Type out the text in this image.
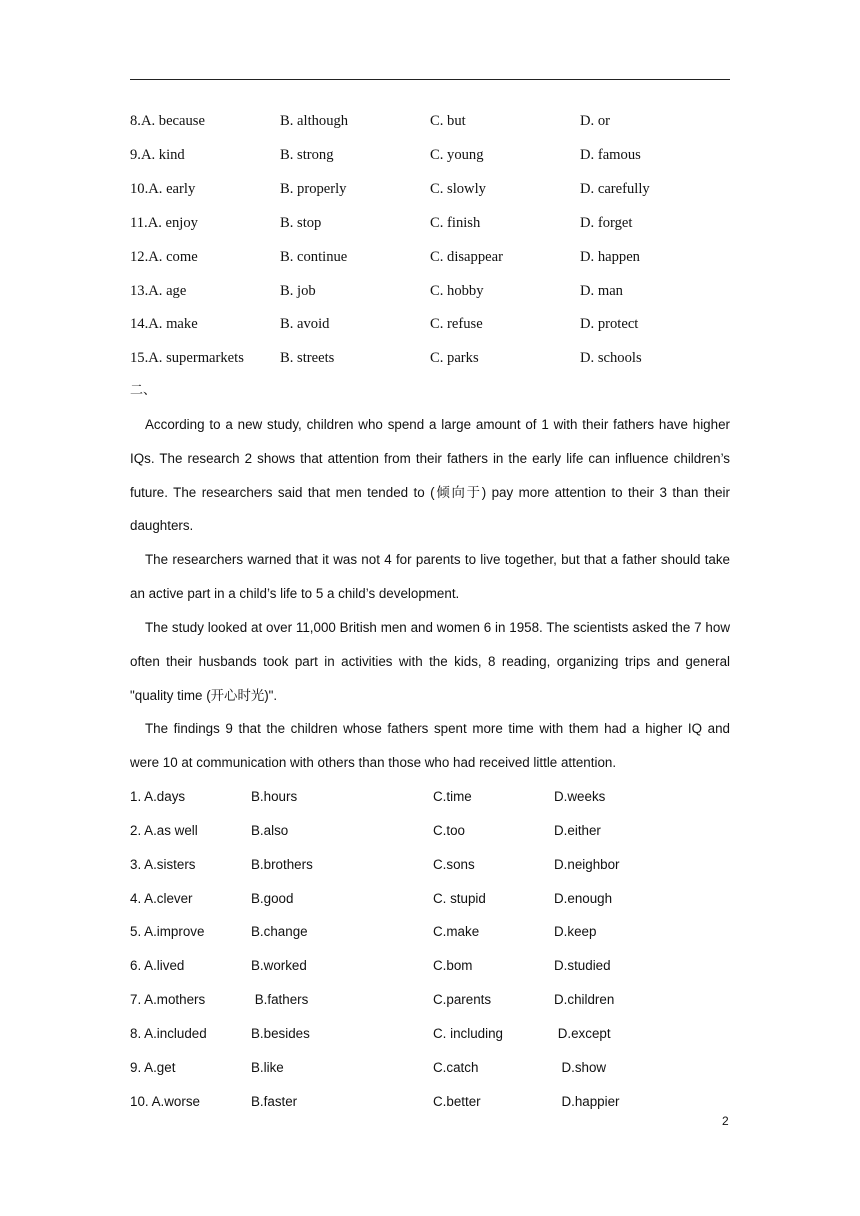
8.A. because	B. although	C. but	D. or
9.A. kind	B. strong	C. young	D. famous
10.A. early	B. properly	C. slowly	D. carefully
11.A. enjoy	B. stop	C. finish	D. forget
12.A. come	B. continue	C. disappear	D. happen
13.A. age	B. job	C. hobby	D. man
14.A. make	B. avoid	C. refuse	D. protect
15.A. supermarkets B. streets	C. parks	D. schools
二、

According to a new study, children who spend a large amount of 1 with their fathers have higher IQs. The research 2 shows that attention from their fathers in the early life can influence children’s future. The researchers said that men tended to (倾向于) pay more attention to their 3 than their daughters.

The researchers warned that it was not 4 for parents to live together, but that a father should take an active part in a child’s life to 5 a child’s development.

The study looked at over 11,000 British men and women 6 in 1958. The scientists asked the 7 how often their husbands took part in activities with the kids, 8 reading, organizing trips and general "quality time (开心时光)".

The findings 9 that the children whose fathers spent more time with them had a higher IQ and were 10 at communication with others than those who had received little attention.

1. A.days	B.hours	C.time	D.weeks
2. A.as well	B.also	C.too	D.either
3. A.sisters	B.brothers	C.sons	D.neighbor
4. A.clever	B.good	C. stupid	D.enough
5. A.improve	B.change	C.make	D.keep
6. A.lived	B.worked	C.bom	D.studied
7. A.mothers	B.fathers	C.parents	D.children
8. A.included	B.besides	C. including	D.except
9. A.get	B.like	C.catch	D.show
10. A.worse	B.faster	C.better	D.happier
2
